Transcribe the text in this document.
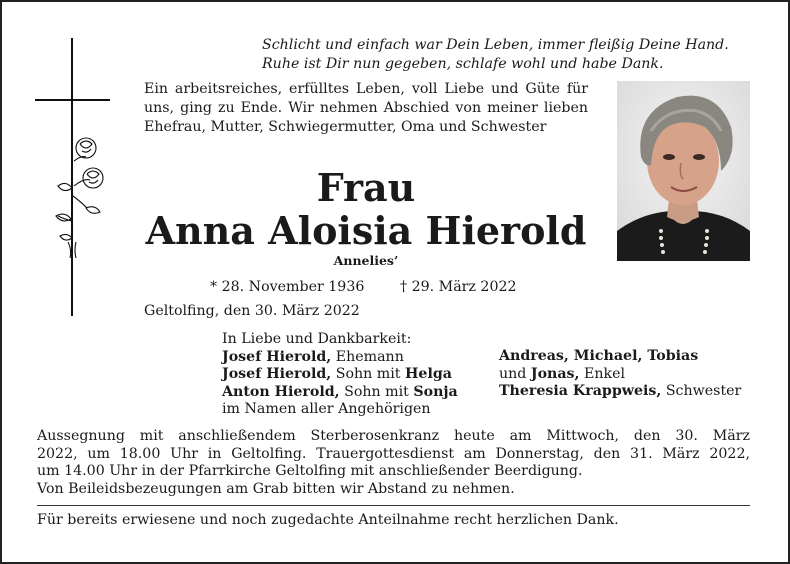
Schlicht und einfach war Dein Leben, immer fleißig Deine Hand.
Ruhe ist Dir nun gegeben, schlafe wohl und habe Dank.
Ein arbeitsreiches, erfülltes Leben, voll Liebe und Güte für uns, ging zu Ende. Wir nehmen Abschied von meiner lieben Ehefrau, Mutter, Schwiegermutter, Oma und Schwester
Frau
Anna Aloisia Hierold
Annelies’
* 28. November 1936	† 29. März 2022
Geltolfing, den 30. März 2022
In Liebe und Dankbarkeit:
Josef Hierold, Ehemann
Josef Hierold, Sohn mit Helga
Anton Hierold, Sohn mit Sonja
im Namen aller Angehörigen
Andreas, Michael, Tobias
und Jonas, Enkel
Theresia Krappweis, Schwester
Aussegnung mit anschließendem Sterberosenkranz heute am Mittwoch, den 30. März
2022, um 18.00 Uhr in Geltolfing. Trauergottesdienst am Donnerstag, den 31. März 2022,
um 14.00 Uhr in der Pfarrkirche Geltolfing mit anschließender Beerdigung.
Von Beileidsbezeugungen am Grab bitten wir Abstand zu nehmen.
Für bereits erwiesene und noch zugedachte Anteilnahme recht herzlichen Dank.
